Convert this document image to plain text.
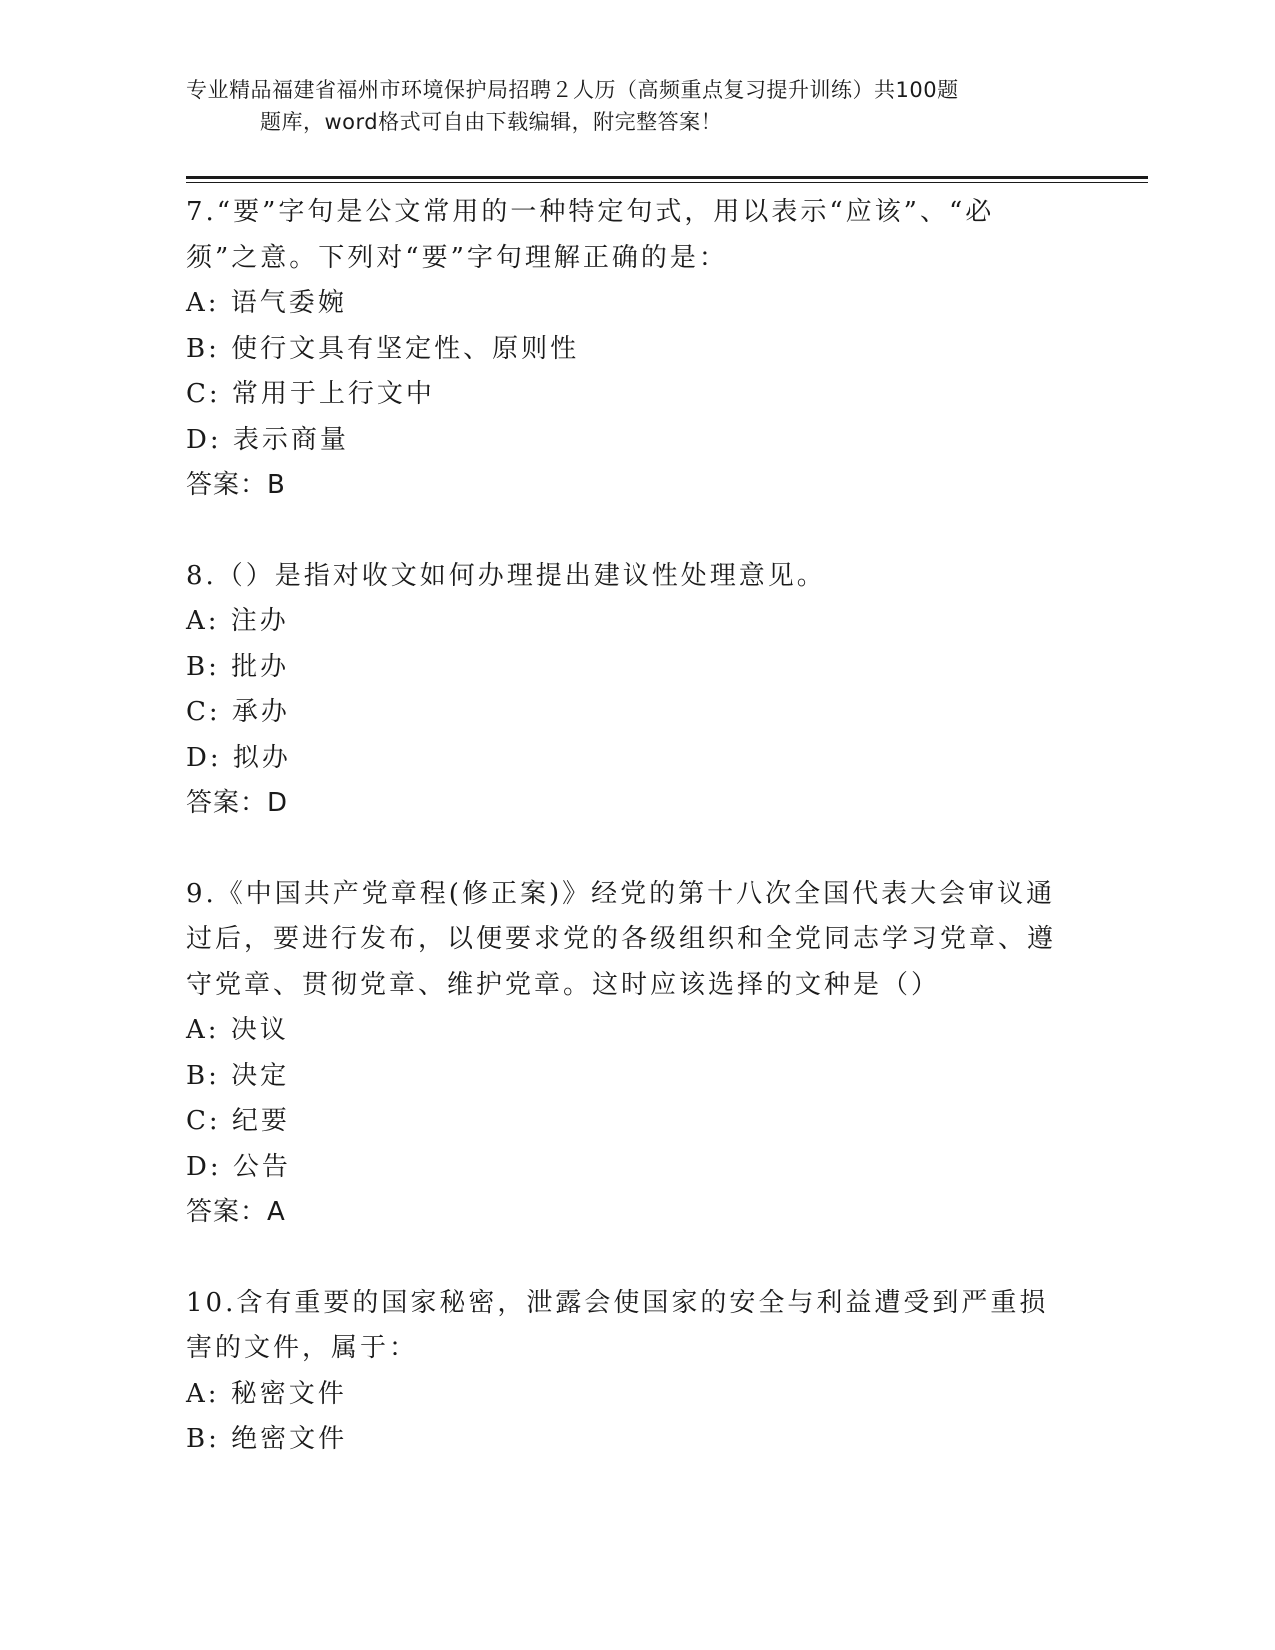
专业精品福建省福州市环境保护局招聘２人历（高频重点复习提升训练）共100题
题库，word格式可自由下载编辑，附完整答案！
7.“要”字句是公文常用的一种特定句式，用以表示“应该”、“必须”之意。下列对“要”字句理解正确的是：
A: 语气委婉
B: 使行文具有坚定性、原则性
C: 常用于上行文中
D: 表示商量
答案：B
8.（）是指对收文如何办理提出建议性处理意见。
A: 注办
B: 批办
C: 承办
D: 拟办
答案：D
9.《中国共产党章程(修正案)》经党的第十八次全国代表大会审议通过后，要进行发布，以便要求党的各级组织和全党同志学习党章、遵守党章、贯彻党章、维护党章。这时应该选择的文种是（）
A: 决议
B: 决定
C: 纪要
D: 公告
答案：A
10.含有重要的国家秘密，泄露会使国家的安全与利益遭受到严重损害的文件，属于：
A: 秘密文件
B: 绝密文件
